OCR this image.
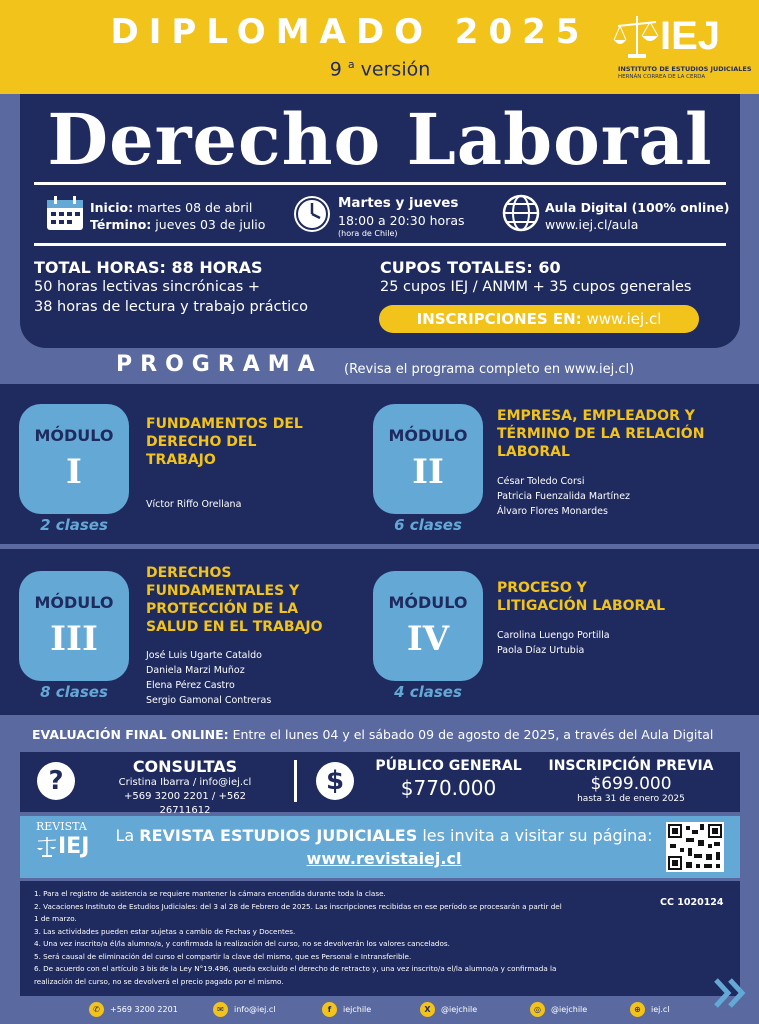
DIPLOMADO 2025
9 $^a$ versión
IEJ
INSTITUTO DE ESTUDIOS JUDICIALES
HERNÁN CORREA DE LA CERDA
Derecho Laboral
Inicio: martes 08 de abril
Término: jueves 03 de julio
Martes y jueves
18:00 a 20:30 horas
(hora de Chile)
Aula Digital (100% online)
www.iej.cl/aula
TOTAL HORAS: 88 HORAS
50 horas lectivas sincrónicas +
38 horas de lectura y trabajo práctico
CUPOS TOTALES: 60
25 cupos IEJ / ANMM + 35 cupos generales
INSCRIPCIONES EN: www.iej.cl
PROGRAMA (Revisa el programa completo en www.iej.cl)
MÓDULO
I
2 clases
FUNDAMENTOS DEL
DERECHO DEL
TRABAJO
Víctor Riffo Orellana
MÓDULO
II
6 clases
EMPRESA, EMPLEADOR Y
TÉRMINO DE LA RELACIÓN
LABORAL
César Toledo Corsi
Patricia Fuenzalida Martínez
Álvaro Flores Monardes
MÓDULO
III
8 clases
DERECHOS
FUNDAMENTALES Y
PROTECCIÓN DE LA
SALUD EN EL TRABAJO
José Luis Ugarte Cataldo
Daniela Marzi Muñoz
Elena Pérez Castro
Sergio Gamonal Contreras
MÓDULO
IV
4 clases
PROCESO Y
LITIGACIÓN LABORAL
Carolina Luengo Portilla
Paola Díaz Urtubia
EVALUACIÓN FINAL ONLINE: Entre el lunes 04 y el sábado 09 de agosto de 2025, a través del Aula Digital
?	CONSULTAS
Cristina Ibarra / info@iej.cl
+569 3200 2201 / +562 26711612
$	PÚBLICO GENERAL
$770.000
INSCRIPCIÓN PREVIA
$699.000
hasta 31 de enero 2025
REVISTA
IEJ	La REVISTA ESTUDIOS JUDICIALES les invita a visitar su página:
www.revistaiej.cl
1. Para el registro de asistencia se requiere mantener la cámara encendida durante toda la clase.
2. Vacaciones Instituto de Estudios Judiciales: del 3 al 28 de Febrero de 2025. Las inscripciones recibidas en ese período se procesarán a partir del
1 de marzo.
3. Las actividades pueden estar sujetas a cambio de Fechas y Docentes.
4. Una vez inscrito/a él/la alumno/a, y confirmada la realización del curso, no se devolverán los valores cancelados.
5. Será causal de eliminación del curso el compartir la clave del mismo, que es Personal e Intransferible.
6. De acuerdo con el artículo 3 bis de la Ley N°19.496, queda excluido el derecho de retracto y, una vez inscrito/a el/la alumno/a y confirmada la
realización del curso, no se devolverá el precio pagado por el mismo.
CC 1020124
✆ +569 3200 2201	✉ info@iej.cl	f iejchile	X @iejchile	◎ @iejchile	⊕ iej.cl
